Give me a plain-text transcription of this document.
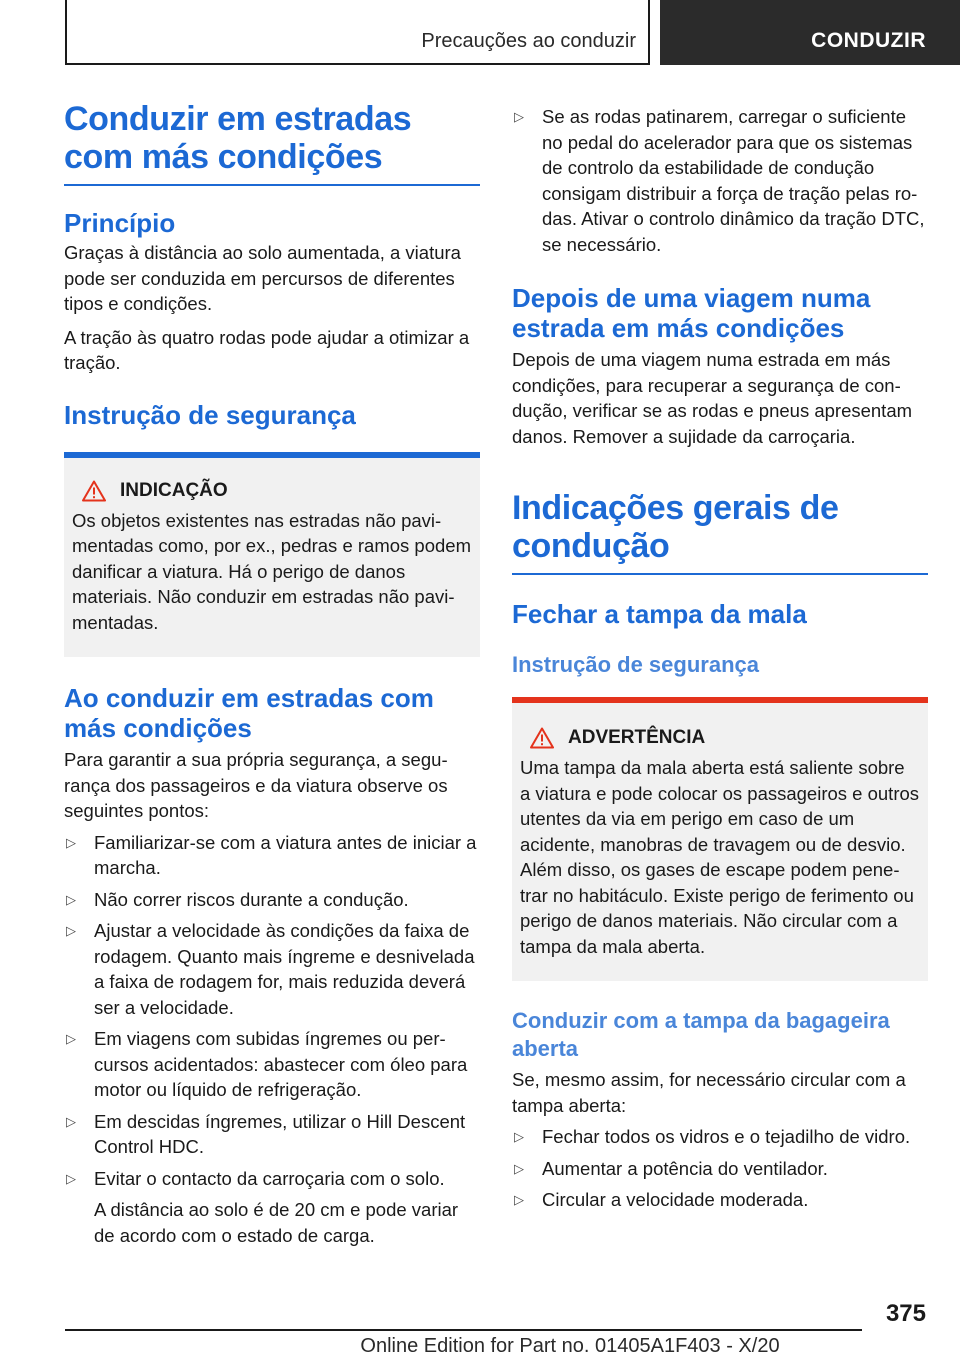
Precauções ao conduzir	CONDUZIR
Conduzir em estradas com más condições
Princípio

Graças à distância ao solo aumentada, a viatura pode ser conduzida em percursos de diferentes tipos e condições.

A tração às quatro rodas pode ajudar a otimizar a tração.

Instrução de segurança
INDICAÇÃO

Os objetos existentes nas estradas não pavimentadas como, por ex., pedras e ramos podem danificar a viatura. Há o perigo de danos materiais. Não conduzir em estradas não pavimentadas.

Ao conduzir em estradas com más condições

Para garantir a sua própria segurança, a segurança dos passageiros e da viatura observe os seguintes pontos:

▷ Familiarizar-se com a viatura antes de iniciar a marcha.
▷ Não correr riscos durante a condução.
▷ Ajustar a velocidade às condições da faixa de rodagem. Quanto mais íngreme e desnivelada a faixa de rodagem for, mais reduzida deverá ser a velocidade.
▷ Em viagens com subidas íngremes ou percursos acidentados: abastecer com óleo para motor ou líquido de refrigeração.
▷ Em descidas íngremes, utilizar o Hill Descent Control HDC.
▷ Evitar o contacto da carroçaria com o solo.
A distância ao solo é de 20 cm e pode variar de acordo com o estado de carga.
▷ Se as rodas patinarem, carregar o suficiente no pedal do acelerador para que os sistemas de controlo da estabilidade de condução consigam distribuir a força de tração pelas rodas. Ativar o controlo dinâmico da tração DTC, se necessário.
Depois de uma viagem numa estrada em más condições

Depois de uma viagem numa estrada em más condições, para recuperar a segurança de condução, verificar se as rodas e pneus apresentam danos. Remover a sujidade da carroçaria.

Indicações gerais de condução
Fechar a tampa da mala
Instrução de segurança
ADVERTÊNCIA

Uma tampa da mala aberta está saliente sobre a viatura e pode colocar os passageiros e outros utentes da via em perigo em caso de um acidente, manobras de travagem ou de desvio. Além disso, os gases de escape podem penetrar no habitáculo. Existe perigo de ferimento ou perigo de danos materiais. Não circular com a tampa da mala aberta.

Conduzir com a tampa da bagageira aberta

Se, mesmo assim, for necessário circular com a tampa aberta:

▷ Fechar todos os vidros e o tejadilho de vidro.
▷ Aumentar a potência do ventilador.
▷ Circular a velocidade moderada.
375
Online Edition for Part no. 01405A1F403 - X/20
